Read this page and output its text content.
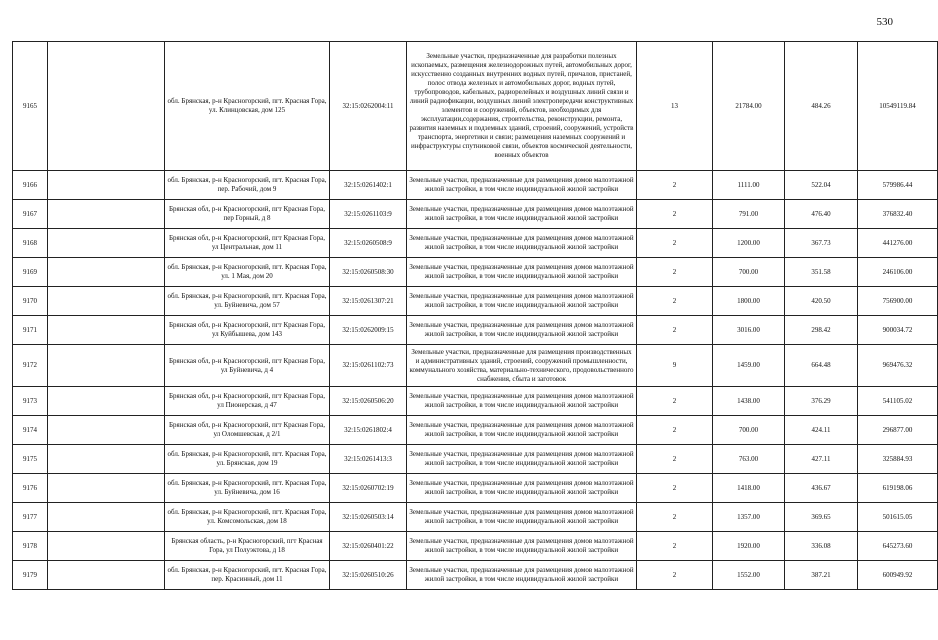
530
9165		обл. Брянская, р-н Красногорский, пгт. Красная Гора, ул. Клинцовская, дом 125	32:15:0262004:11	Земельные участки, предназначенные для разработки полезных ископаемых, размещения железнодорожных путей, автомобильных дорог, искусственно созданных внутренних водных путей, причалов, пристаней, полос отвода железных и автомобильных дорог, водных путей, трубопроводов, кабельных, радиорелейных и воздушных линий связи и линий радиофикации, воздушных линий электропередачи конструктивных элементов и сооружений, объектов, необходимых для эксплуатации,содержания, строительства, реконструкции, ремонта, развития наземных и подземных зданий, строений, сооружений, устройств транспорта, энергетики и связи; размещения наземных сооружений и инфраструктуры спутниковой связи, объектов космической деятельности, военных объектов	13	21784.00	484.26	10549119.84
9166		обл. Брянская, р-н Красногорский, пгт. Красная Гора, пер. Рабочий, дом 9	32:15:0261402:1	Земельные участки, предназначенные для размещения домов малоэтажной жилой застройки, в том числе индивидуальной жилой застройки	2	1111.00	522.04	579986.44
9167		Брянская обл, р-н Красногорский, пгт Красная Гора, пер Горный, д 8	32:15:0261103:9	Земельные участки, предназначенные для размещения домов малоэтажной жилой застройки, в том числе индивидуальной жилой застройки	2	791.00	476.40	376832.40
9168		Брянская обл, р-н Красногорский, пгт Красная Гора, ул Центральная, дом 11	32:15:0260508:9	Земельные участки, предназначенные для размещения домов малоэтажной жилой застройки, в том числе индивидуальной жилой застройки	2	1200.00	367.73	441276.00
9169		обл. Брянская, р-н Красногорский, пгт. Красная Гора, ул. 1 Мая, дом 20	32:15:0260508:30	Земельные участки, предназначенные для размещения домов малоэтажной жилой застройки, в том числе индивидуальной жилой застройки	2	700.00	351.58	246106.00
9170		обл. Брянская, р-н Красногорский, пгт. Красная Гора, ул. Буйневича, дом 57	32:15:0261307:21	Земельные участки, предназначенные для размещения домов малоэтажной жилой застройки, в том числе индивидуальной жилой застройки	2	1800.00	420.50	756900.00
9171		Брянская обл, р-н Красногорский, пгт Красная Гора, ул Куйбышева, дом 143	32:15:0262009:15	Земельные участки, предназначенные для размещения домов малоэтажной жилой застройки, в том числе индивидуальной жилой застройки	2	3016.00	298.42	900034.72
9172		Брянская обл, р-н Красногорский, пгт Красная Гора, ул Буйневича, д 4	32:15:0261102:73	Земельные участки, предназначенные для размещения производственных и административных зданий, строений, сооружений промышленности, коммунального хозяйства, материально-технического, продовольственного снабжения, сбыта и заготовок	9	1459.00	664.48	969476.32
9173		Брянская обл, р-н Красногорский, пгт Красная Гора, ул Пионерская, д 47	32:15:0260506:20	Земельные участки, предназначенные для размещения домов малоэтажной жилой застройки, в том числе индивидуальной жилой застройки	2	1438.00	376.29	541105.02
9174		Брянская обл, р-н Красногорский, пгт Красная Гора, ул Оломшевская, д 2/1	32:15:0261802:4	Земельные участки, предназначенные для размещения домов малоэтажной жилой застройки, в том числе индивидуальной жилой застройки	2	700.00	424.11	296877.00
9175		обл. Брянская, р-н Красногорский, пгт. Красная Гора, ул. Брянская, дом 19	32:15:0261413:3	Земельные участки, предназначенные для размещения домов малоэтажной жилой застройки, в том числе индивидуальной жилой застройки	2	763.00	427.11	325884.93
9176		обл. Брянская, р-н Красногорский, пгт. Красная Гора, ул. Буйневича, дом 16	32:15:0260702:19	Земельные участки, предназначенные для размещения домов малоэтажной жилой застройки, в том числе индивидуальной жилой застройки	2	1418.00	436.67	619198.06
9177		обл. Брянская, р-н Красногорский, пгт. Красная Гора, ул. Комсомольская, дом 18	32:15:0260503:14	Земельные участки, предназначенные для размещения домов малоэтажной жилой застройки, в том числе индивидуальной жилой застройки	2	1357.00	369.65	501615.05
9178		Брянская область, р-н Красногорский, пгт Красная Гора, ул Полуэктова, д 18	32:15:0260401:22	Земельные участки, предназначенные для размещения домов малоэтажной жилой застройки, в том числе индивидуальной жилой застройки	2	1920.00	336.08	645273.60
9179		обл. Брянская, р-н Красногорский, пгт. Красная Гора, пер. Красинный, дом 11	32:15:0260510:26	Земельные участки, предназначенные для размещения домов малоэтажной жилой застройки, в том числе индивидуальной жилой застройки	2	1552.00	387.21	600949.92
